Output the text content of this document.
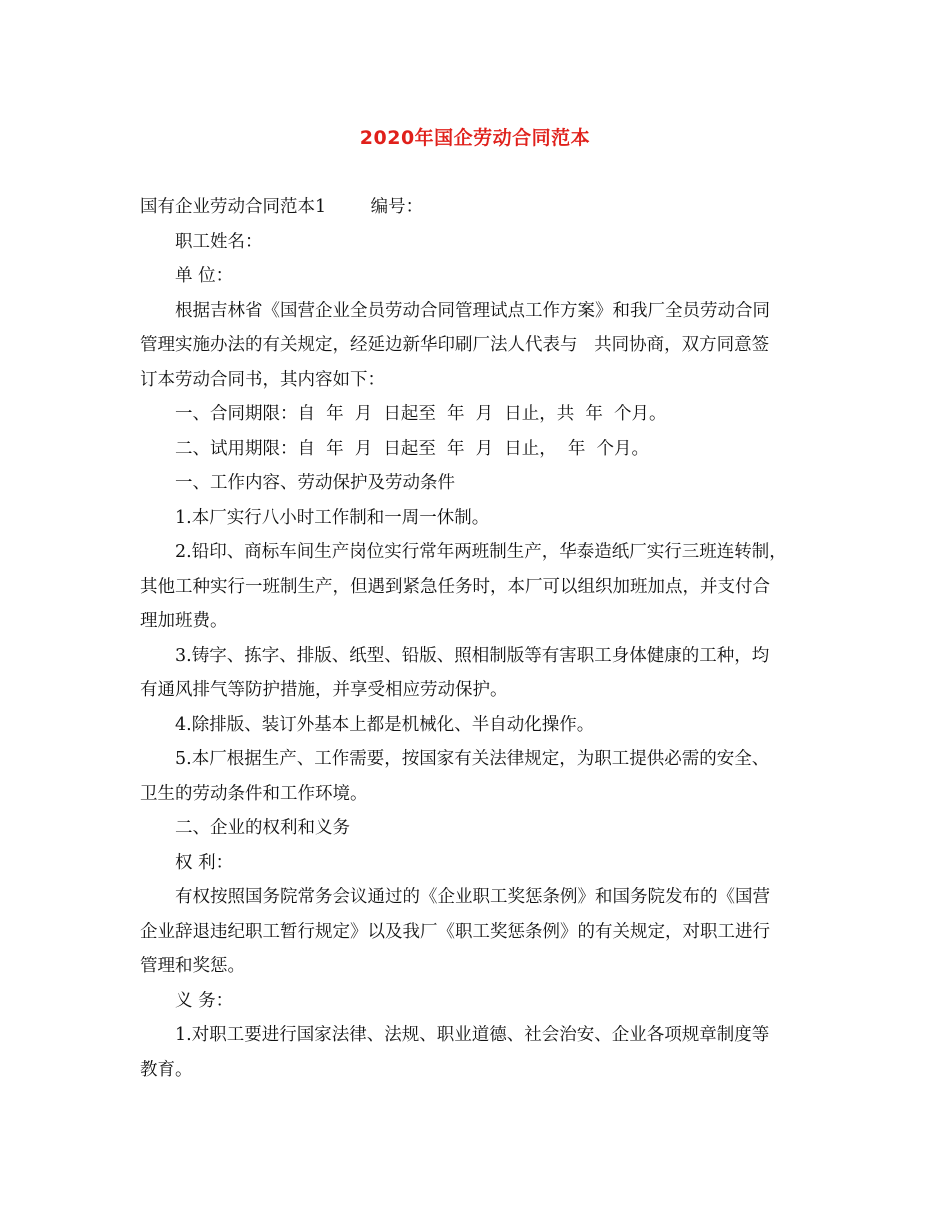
2020年国企劳动合同范本
国有企业劳动合同范本1        编号：
职工姓名：
单 位：
根据吉林省《国营企业全员劳动合同管理试点工作方案》和我厂全员劳动合同
管理实施办法的有关规定，经延边新华印刷厂法人代表与   共同协商，双方同意签
订本劳动合同书，其内容如下：
一、合同期限：自  年  月  日起至  年  月  日止，共  年  个月。
二、试用期限：自  年  月  日起至  年  月  日止，  年  个月。
一、工作内容、劳动保护及劳动条件
1.本厂实行八小时工作制和一周一休制。
2.铅印、商标车间生产岗位实行常年两班制生产，华泰造纸厂实行三班连转制，
其他工种实行一班制生产，但遇到紧急任务时，本厂可以组织加班加点，并支付合
理加班费。
3.铸字、拣字、排版、纸型、铅版、照相制版等有害职工身体健康的工种，均
有通风排气等防护措施，并享受相应劳动保护。
4.除排版、装订外基本上都是机械化、半自动化操作。
5.本厂根据生产、工作需要，按国家有关法律规定，为职工提供必需的安全、
卫生的劳动条件和工作环境。
二、企业的权利和义务
权 利：
有权按照国务院常务会议通过的《企业职工奖惩条例》和国务院发布的《国营
企业辞退违纪职工暂行规定》以及我厂《职工奖惩条例》的有关规定，对职工进行
管理和奖惩。
义 务：
1.对职工要进行国家法律、法规、职业道德、社会治安、企业各项规章制度等
教育。
